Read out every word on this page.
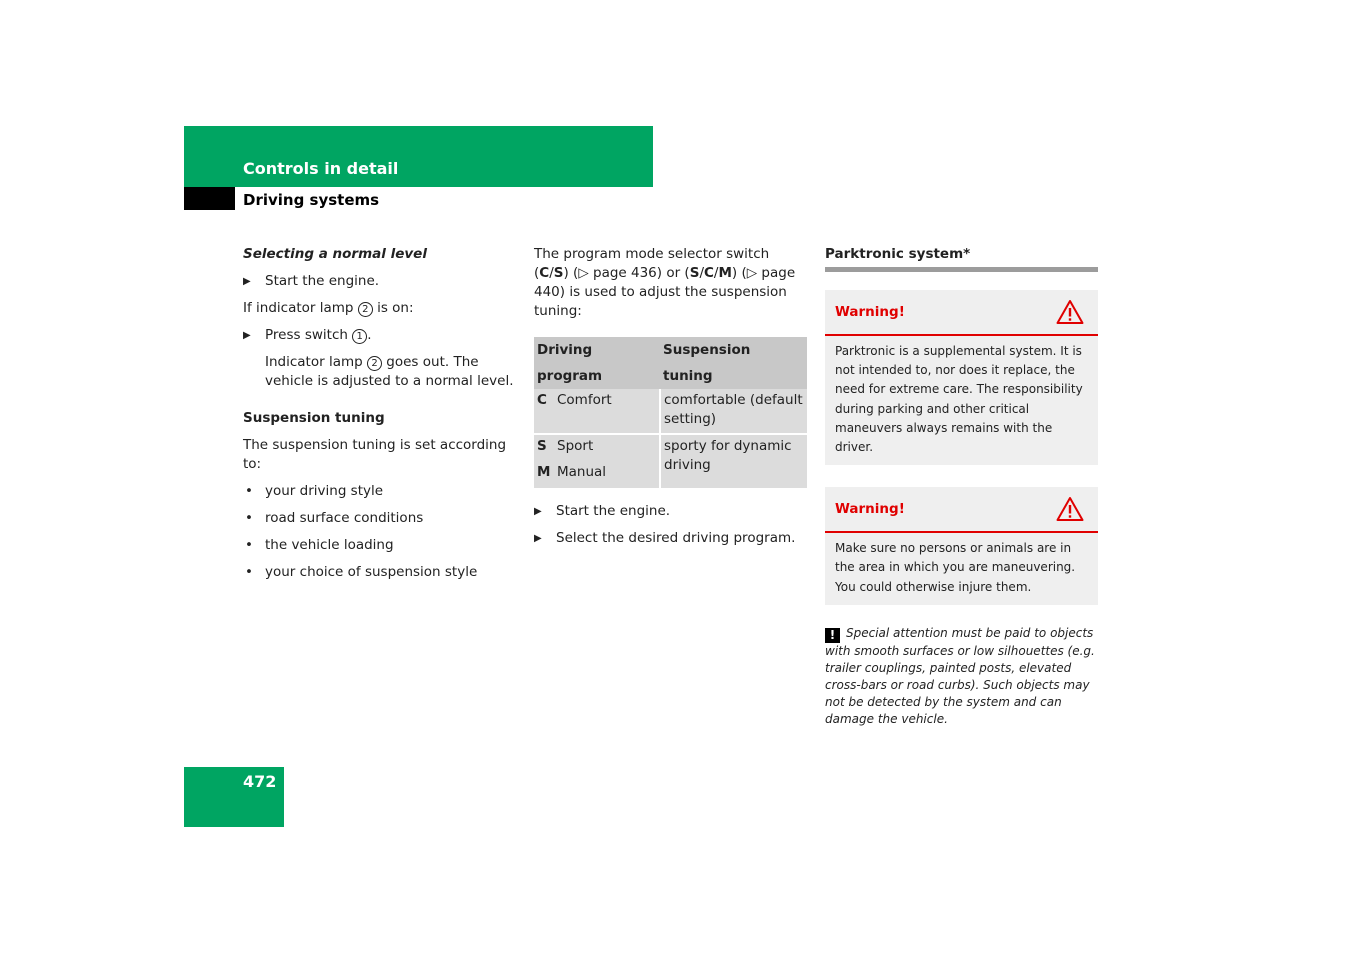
Controls in detail
Driving systems
Selecting a normal level
▶ Start the engine.

If indicator lamp 2 is on:

▶ Press switch 1 .
Indicator lamp 2 goes out. The vehicle is adjusted to a normal level.
Suspension tuning

The suspension tuning is set according to:

• your driving style
• road surface conditions
• the vehicle loading
• your choice of suspension style

The program mode selector switch (C/S) (▷ page 436) or (S/C/M) (▷ page 440) is used to adjust the suspension tuning:

Driving program	Suspension tuning
C Comfort	comfortable (default setting)
S Sport	sporty for dynamic driving
M Manual	
▶ Start the engine.
▶ Select the desired driving program.
Parktronic system*
Warning!
Parktronic is a supplemental system. It is not intended to, nor does it replace, the need for extreme care. The responsibility during parking and other critical maneuvers always remains with the driver.
Warning!
Make sure no persons or animals are in the area in which you are maneuvering. You could otherwise injure them.
! Special attention must be paid to objects with smooth surfaces or low silhouettes (e.g. trailer couplings, painted posts, elevated cross-bars or road curbs). Such objects may not be detected by the system and can damage the vehicle.
472
